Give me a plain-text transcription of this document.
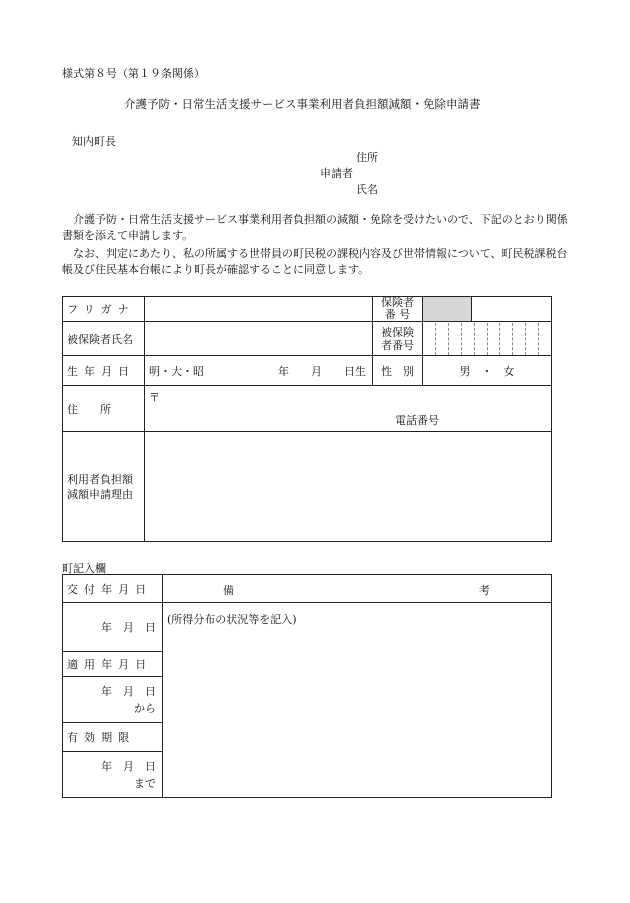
様式第８号（第１９条関係）
介護予防・日常生活支援サービス事業利用者負担額減額・免除申請書
知内町長
住所
申請者
氏名
介護予防・日常生活支援サービス事業利用者負担額の減額・免除を受けたいので、下記のとおり関係書類を添えて申請します。
なお、判定にあたり、私の所属する世帯員の町民税の課税内容及び世帯情報について、町民税課税台帳及び住民基本台帳により町長が確認することに同意します。
フリガナ		保険者
番 号		

被保険者氏名		被保険
者番号		

生年月日	明・大・昭 年　　月　　日生	性　別	男　・　女	

住　　所	〒
電話番号			

利用者負担額
減額申請理由				

町記入欄
交付年月日	備 考

年　月　日	(所得分布の状況等を記入)

適用年月日	

年　月　日
から	

有効期限	

年　月　日
まで	
